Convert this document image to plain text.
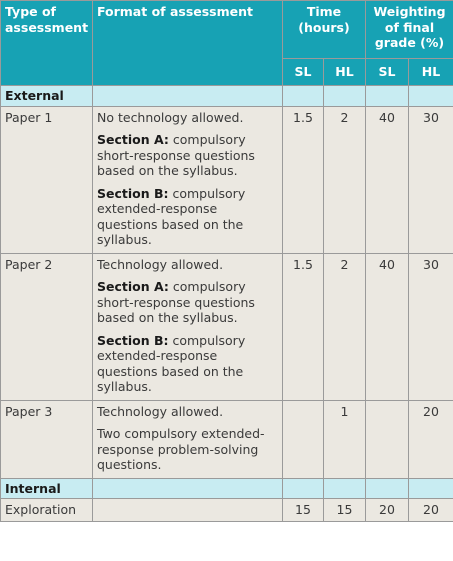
Type of assessment	Format of assessment	Time (hours)		Weighting of final grade (%)	
		SL	HL	SL	HL
External					
Paper 1	No technology allowed.

Section A: compulsory short-response questions based on the syllabus.

Section B: compulsory extended-response questions based on the syllabus.	1.5	2	40	30
Paper 2	Technology allowed.

Section A: compulsory short-response questions based on the syllabus.

Section B: compulsory extended-response questions based on the syllabus.	1.5	2	40	30
Paper 3	Technology allowed.

Two compulsory extended-response problem-solving questions.		1		20
Internal					
Exploration		15	15	20	20
